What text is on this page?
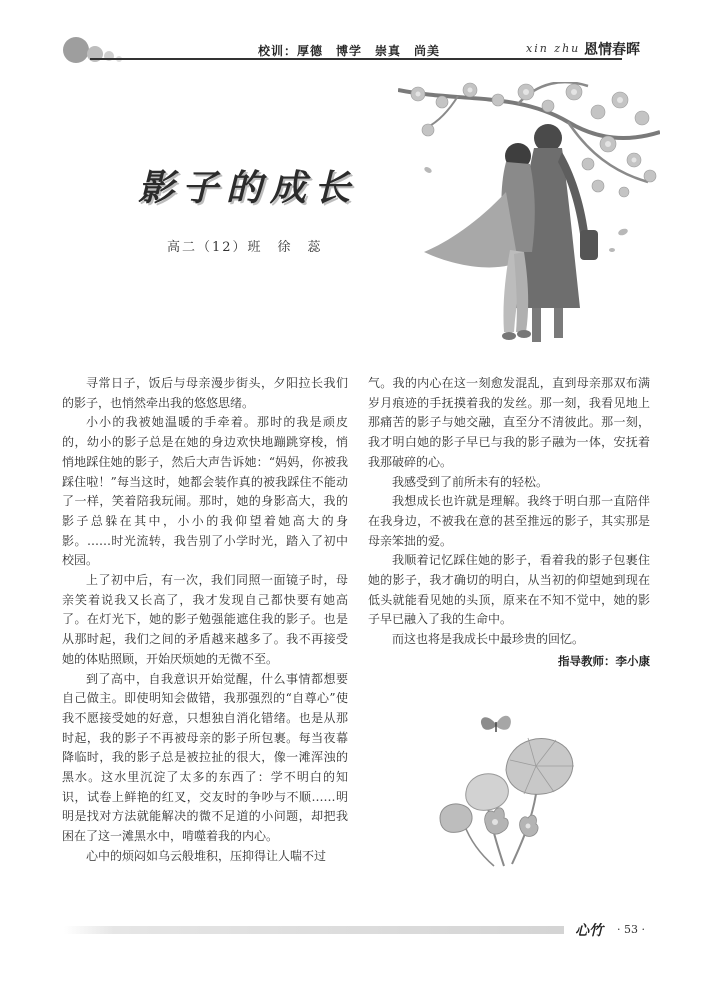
校训：厚德　博学　崇真　尚美	xin zhu 恩情春晖
影子的成长
高二（12）班　徐　蕊

寻常日子，饭后与母亲漫步街头，夕阳拉长我们的影子，也悄然牵出我的悠悠思绪。

小小的我被她温暖的手牵着。那时的我是顽皮的，幼小的影子总是在她的身边欢快地蹦跳穿梭，悄悄地踩住她的影子，然后大声告诉她：“妈妈，你被我踩住啦！”每当这时，她都会装作真的被我踩住不能动了一样，笑着陪我玩闹。那时，她的身影高大，我的影子总躲在其中，小小的我仰望着她高大的身影。……时光流转，我告别了小学时光，踏入了初中校园。

上了初中后，有一次，我们同照一面镜子时，母亲笑着说我又长高了，我才发现自己都快要有她高了。在灯光下，她的影子勉强能遮住我的影子。也是从那时起，我们之间的矛盾越来越多了。我不再接受她的体贴照顾，开始厌烦她的无微不至。

到了高中，自我意识开始觉醒，什么事情都想要自己做主。即使明知会做错，我那强烈的“自尊心”使我不愿接受她的好意，只想独自消化错绪。也是从那时起，我的影子不再被母亲的影子所包裹。每当夜幕降临时，我的影子总是被拉扯的很大，像一滩浑浊的黑水。这水里沉淀了太多的东西了：学不明白的知识，试卷上鲜艳的红叉，交友时的争吵与不顺……明明是找对方法就能解决的微不足道的小问题，却把我困在了这一滩黑水中，啃噬着我的内心。

心中的烦闷如乌云般堆积，压抑得让人喘不过

气。我的内心在这一刻愈发混乱，直到母亲那双布满岁月痕迹的手抚摸着我的发丝。那一刻，我看见地上那痛苦的影子与她交融，直至分不清彼此。那一刻，我才明白她的影子早已与我的影子融为一体，安抚着我那破碎的心。

我感受到了前所未有的轻松。

我想成长也许就是理解。我终于明白那一直陪伴在我身边，不被我在意的甚至推远的影子，其实那是母亲笨拙的爱。

我顺着记忆踩住她的影子，看着我的影子包裹住她的影子，我才确切的明白，从当初的仰望她到现在低头就能看见她的头顶，原来在不知不觉中，她的影子早已融入了我的生命中。

而这也将是我成长中最珍贵的回忆。

指导教师：李小康
心竹 · 53 ·
